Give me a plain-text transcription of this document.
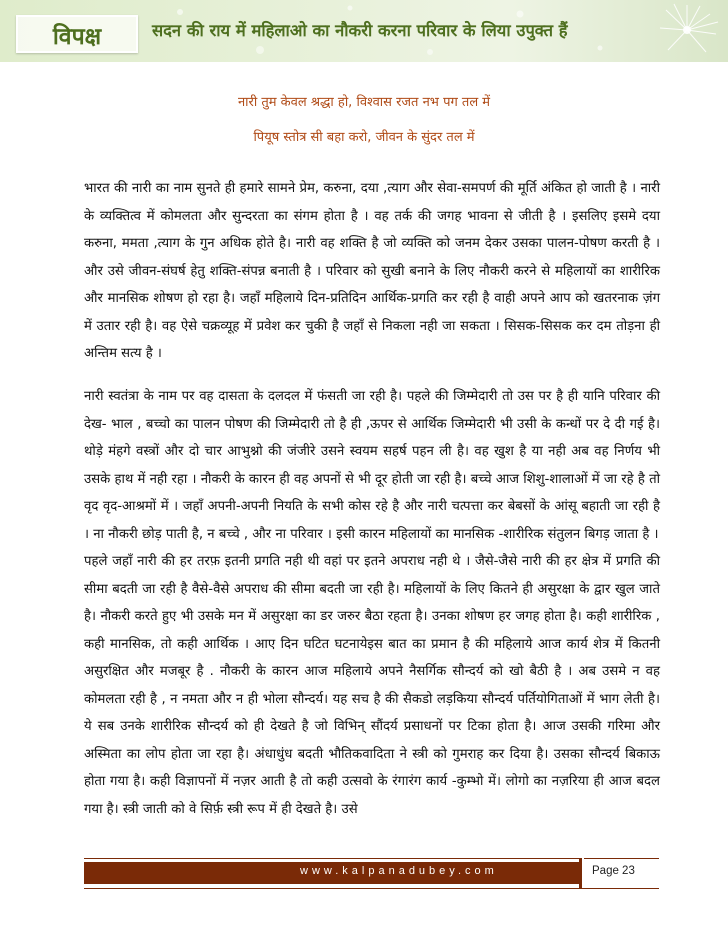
विपक्ष	सदन की राय में महिलाओ का नौकरी करना परिवार के लिया उपुक्त हैं
नारी तुम केवल श्रद्धा हो, विश्वास रजत नभ पग तल में
पियूष स्तोत्र सी बहा करो, जीवन के सुंदर तल में

भारत की नारी का नाम सुनते ही हमारे सामने प्रेम, करुना, दया ,त्याग और सेवा-समपर्ण की मूर्ति अंकित हो जाती है । नारी के व्यक्तित्व में कोमलता और सुन्दरता का संगम होता है । वह तर्क की जगह भावना से जीती है । इसलिए इसमे दया करुना, ममता ,त्याग के गुन अधिक होते है। नारी वह शक्ति है जो व्यक्ति को जनम देकर उसका पालन-पोषण करती है । और उसे जीवन-संघर्ष हेतु शक्ति-संपन्न बनाती है । परिवार को सुखी बनाने के लिए नौकरी करने से महिलायों का शारीरिक और मानसिक शोषण हो रहा है। जहाँ महिलाये दिन-प्रतिदिन आर्थिक-प्रगति कर रही है वाही अपने आप को खतरनाक ज़ंग में उतार रही है। वह ऐसे चक्रव्यूह में प्रवेश कर चुकी है जहाँ से निकला नही जा सकता । सिसक-सिसक कर दम तोड़ना ही अन्तिम सत्य है ।

नारी स्वतंत्रा के नाम पर वह दासता के दलदल में फंसती जा रही है। पहले की जिम्मेदारी तो उस पर है ही यानि परिवार की देख- भाल , बच्चो का पालन पोषण की जिम्मेदारी तो है ही ,ऊपर से आर्थिक जिम्मेदारी भी उसी के कन्धों पर दे दी गई है। थोड़े मंहगे वस्त्रों और दो चार आभुश्नो की जंजीरे उसने स्वयम सहर्ष पहन ली है। वह खुश है या नही अब वह निर्णय भी उसके हाथ में नही रहा । नौकरी के कारन ही वह अपनों से भी दूर होती जा रही है। बच्चे आज शिशु-शालाओं में जा रहे है तो वृद वृद-आश्रमों में । जहाँ अपनी-अपनी नियति के सभी कोस रहे है और नारी चत्पत्ता कर बेबसों के आंसू बहाती जा रही है । ना नौकरी छोड़ पाती है, न बच्चे , और ना परिवार । इसी कारन महिलायों का मानसिक -शारीरिक संतुलन बिगड़ जाता है ।

पहले जहाँ नारी की हर तरफ़ इतनी प्रगति नही थी वहां पर इतने अपराध नही थे । जैसे-जैसे नारी की हर क्षेत्र में प्रगति की सीमा बदती जा रही है वैसे-वैसे अपराध की सीमा बदती जा रही है। महिलायों के लिए कितने ही असुरक्षा के द्वार खुल जाते है। नौकरी करते हुए भी उसके मन में असुरक्षा का डर जरुर बैठा रहता है। उनका शोषण हर जगह होता है। कही शारीरिक , कही मानसिक, तो कही आर्थिक । आए दिन घटित घटनायेइस बात का प्रमान है की महिलाये आज कार्य शेत्र में कितनी असुरक्षित और मजबूर है . नौकरी के कारन आज महिलाये अपने नैसर्गिक सौन्दर्य को खो बैठी है । अब उसमे न वह कोमलता रही है , न नमता और न ही भोला सौन्दर्य। यह सच है की सैकडो लड़किया सौन्दर्य पर्तियोगिताओं में भाग लेती है। ये सब उनके शारीरिक सौन्दर्य को ही देखते है जो विभिन् सौंदर्य प्रसाधनों पर टिका होता है। आज उसकी गरिमा और अस्मिता का लोप होता जा रहा है। अंधाधुंध बदती भौतिकवादिता ने स्त्री को गुमराह कर दिया है। उसका सौन्दर्य बिकाऊ होता गया है। कही विज्ञापनों में नज़र आती है तो कही उत्सवो के रंगारंग कार्य -कुम्भो में। लोगो का नज़रिया ही आज बदल गया है। स्त्री जाती को वे सिर्फ़ स्त्री रूप में ही देखते है। उसे

www.kalpanadubey.com	Page 23
